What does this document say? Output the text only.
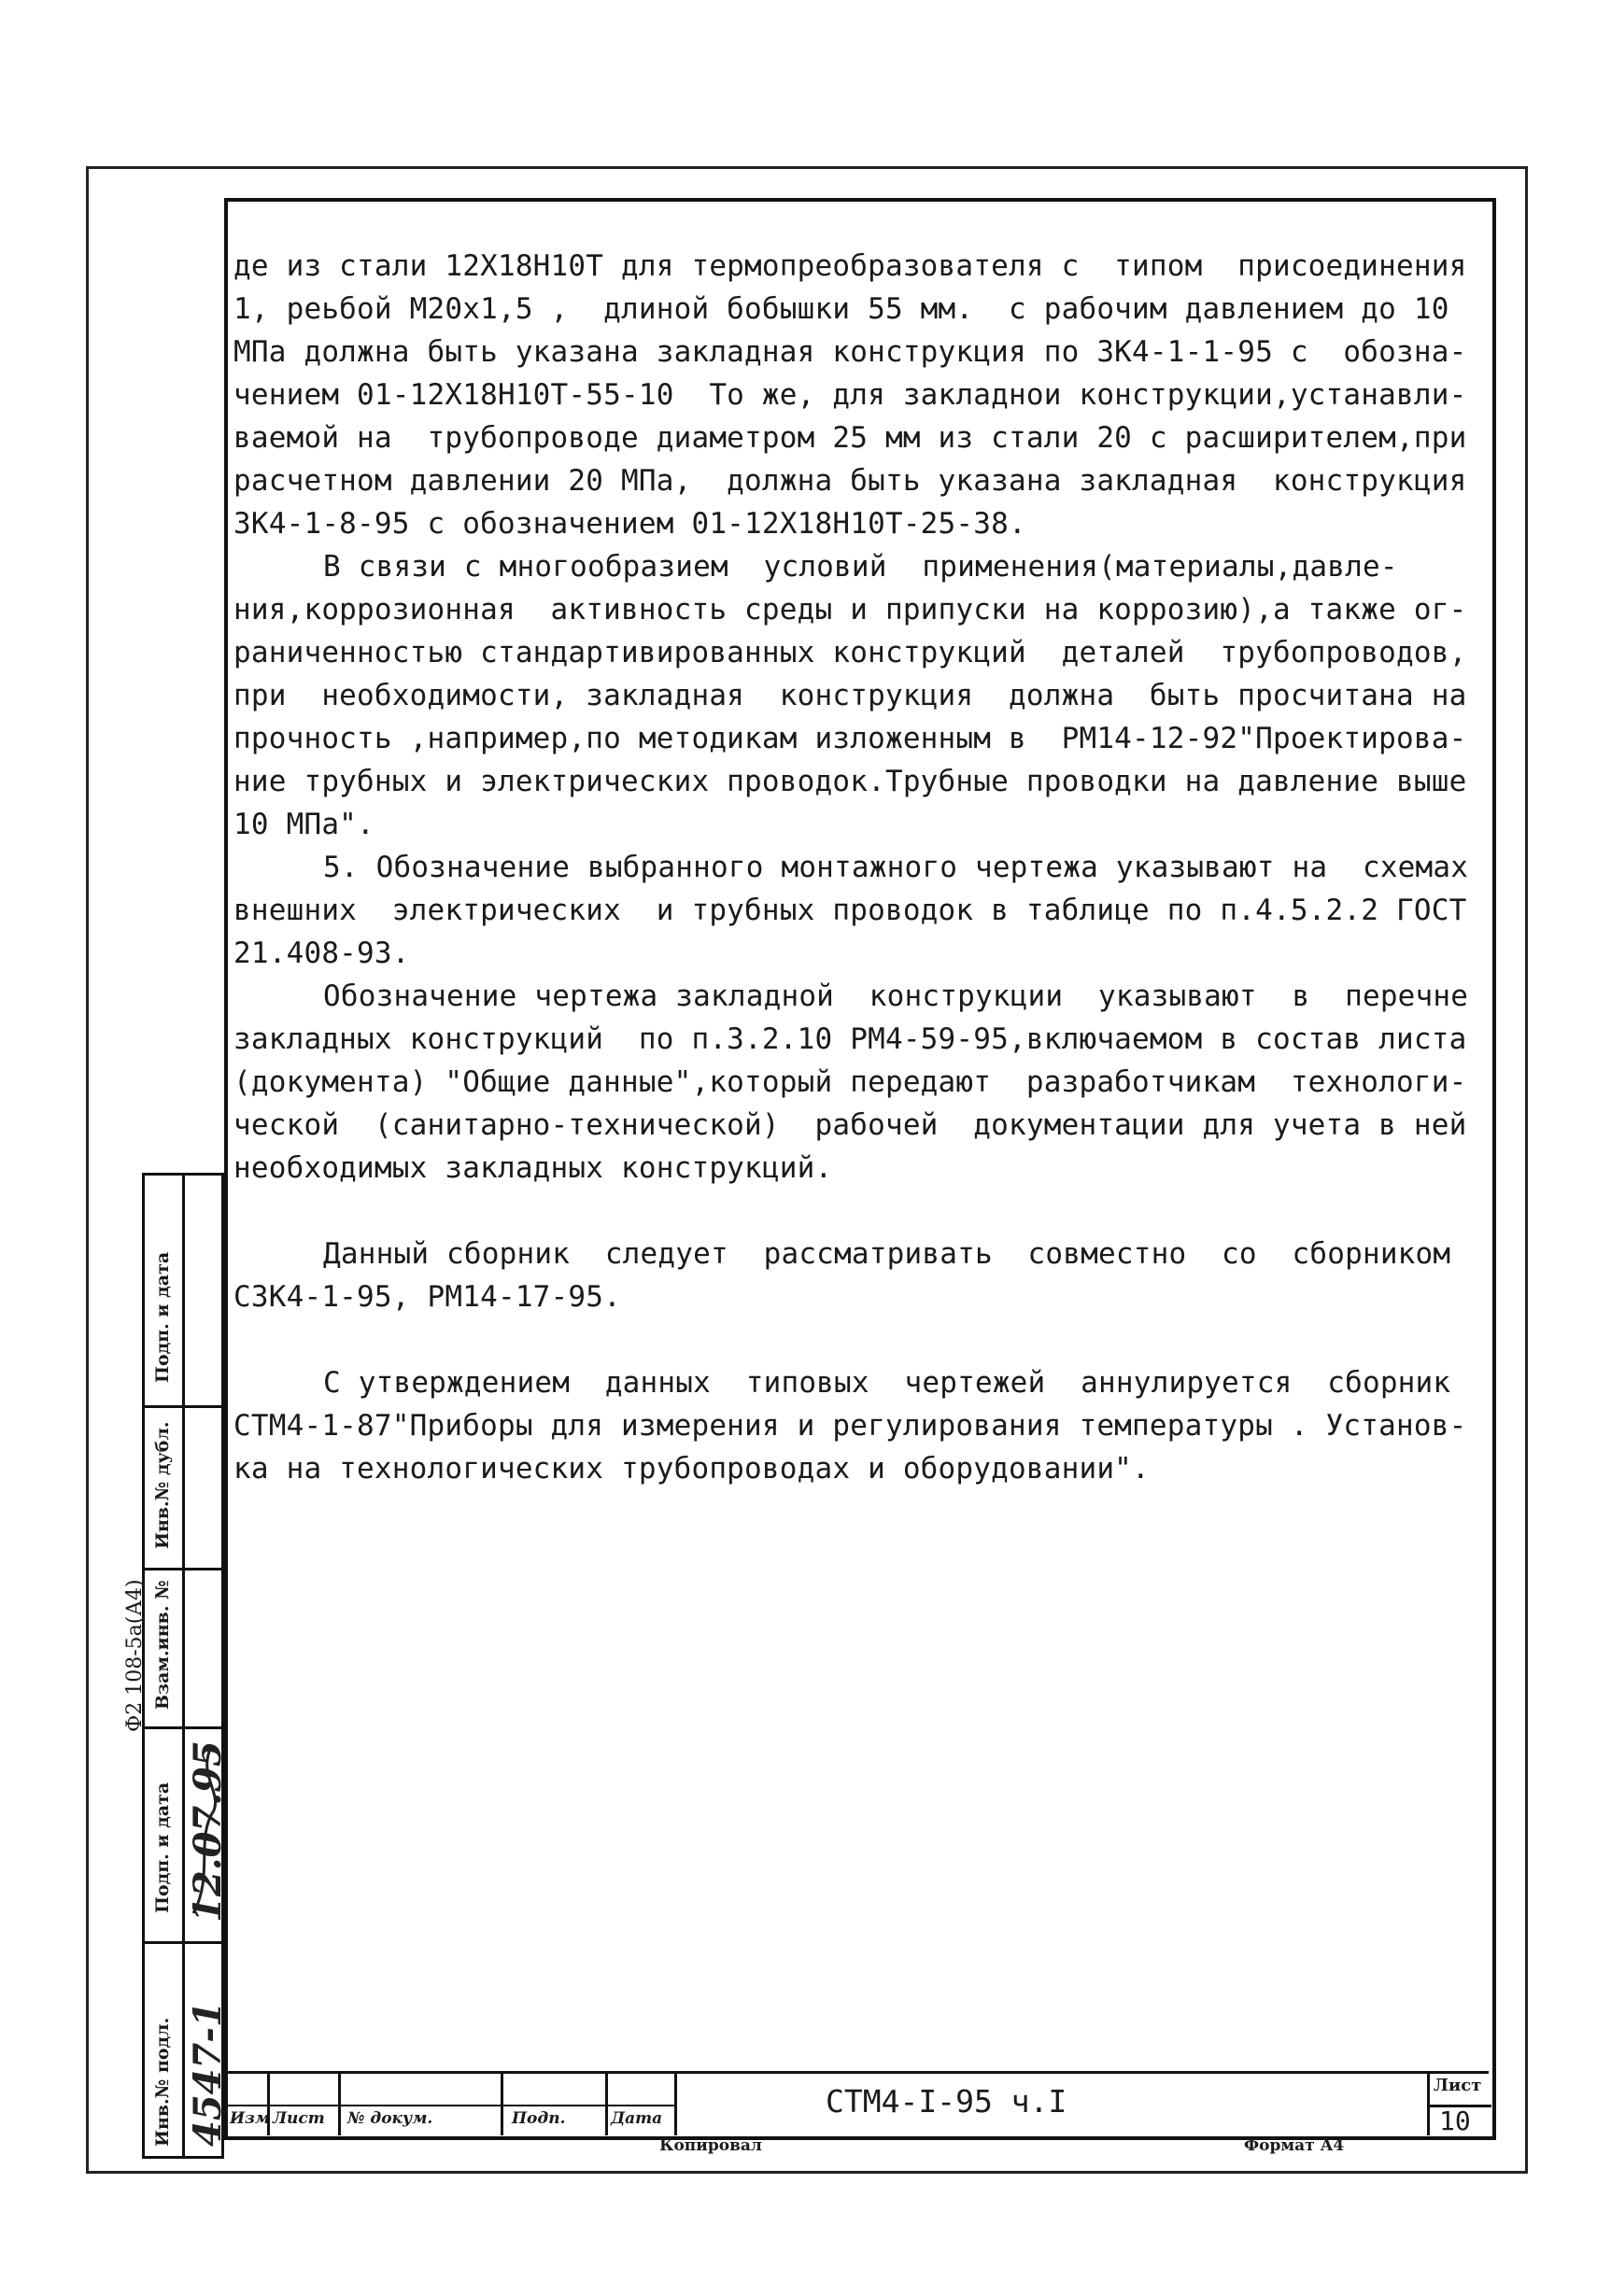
де из стали 12Х18Н10Т для термопреобразователя с  типом  присоединения
1, реьбой М20х1,5 ,  длиной бобышки 55 мм.  с рабочим давлением до 10
МПа должна быть указана закладная конструкция по ЗК4-1-1-95 с  обозна-
чением 01-12Х18Н10Т-55-10  То же, для закладнои конструкции,устанавли-
ваемой на  трубопроводе диаметром 25 мм из стали 20 с расширителем,при
расчетном давлении 20 МПа,  должна быть указана закладная  конструкция
ЗК4-1-8-95 с обозначением 01-12Х18Н10Т-25-38.
В связи с многообразием  условий  применения(материалы,давле-
ния,коррозионная  активность среды и припуски на коррозию),а также ог-
раниченностью стандартивированных конструкций  деталей  трубопроводов,
при  необходимости, закладная  конструкция  должна  быть просчитана на
прочность ,например,по методикам изложенным в  РМ14-12-92"Проектирова-
ние трубных и электрических проводок.Трубные проводки на давление выше
10 МПа".
5. Обозначение выбранного монтажного чертежа указывают на  схемах
внешних  электрических  и трубных проводок в таблице по п.4.5.2.2 ГОСТ
21.408-93.
Обозначение чертежа закладной  конструкции  указывают  в  перечне
закладных конструкций  по п.3.2.10 РМ4-59-95,включаемом в состав листа
(документа) "Общие данные",который передают  разработчикам  технологи-
ческой  (санитарно-технической)  рабочей  документации для учета в ней
необходимых закладных конструкций.
Данный сборник  следует  рассматривать  совместно  со  сборником
СЗК4-1-95, РМ14-17-95.
С утверждением  данных  типовых  чертежей  аннулируется  сборник
СТМ4-1-87"Приборы для измерения и регулирования температуры . Установ-
ка на технологических трубопроводах и оборудовании".
Подп. и дата
Инв.№ дубл.
Взам.инв. №
Подп. и дата
Инв.№ подл.
12.07.95
4547-1
Ф2 108-5а(А4)
Изм Лист № докум.	Подп.	Дата	СТМ4-I-95 ч.I	Лист
10
Копировал	Формат А4
